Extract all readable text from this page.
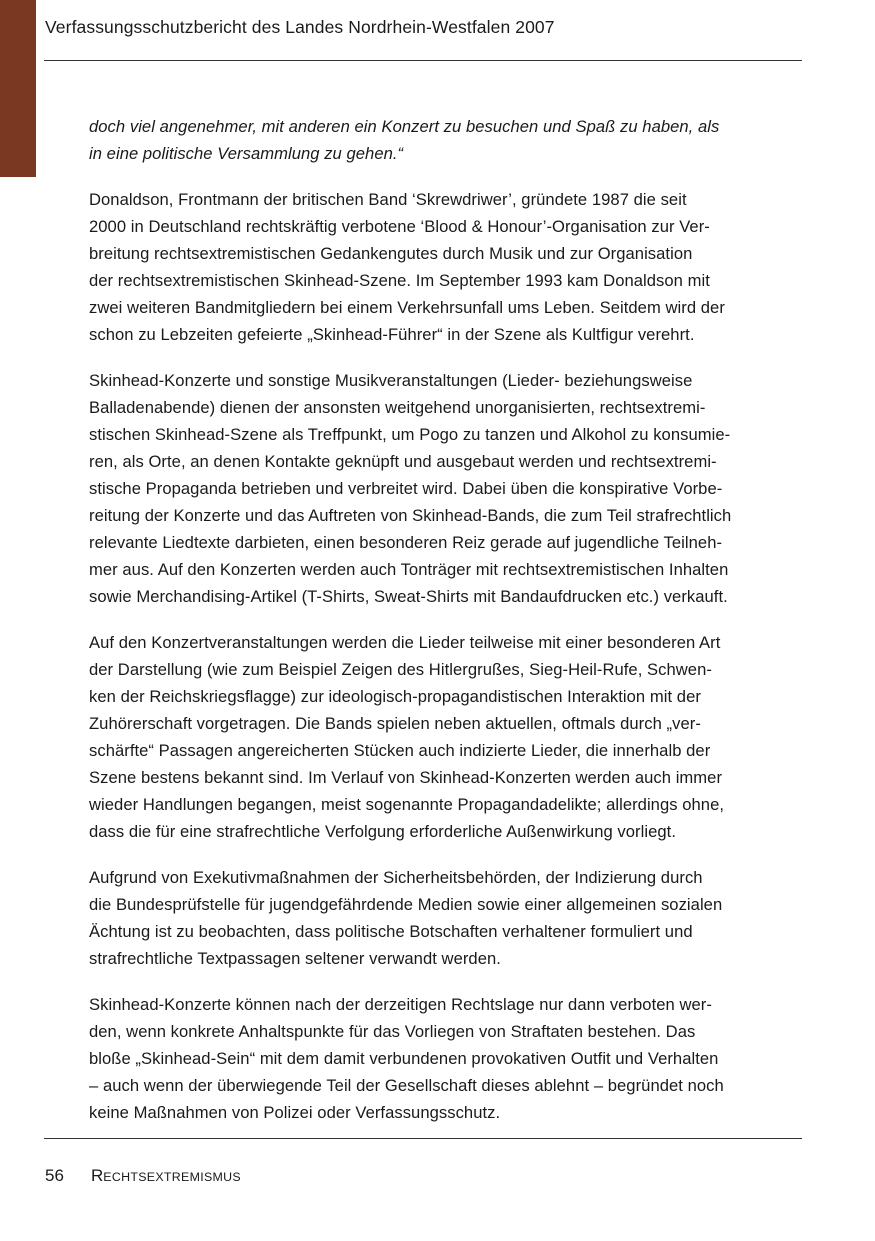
Verfassungsschutzbericht des Landes Nordrhein-Westfalen 2007

doch viel angenehmer, mit anderen ein Konzert zu besuchen und Spaß zu haben, als
in eine politische Versammlung zu gehen.“

Donaldson, Frontmann der britischen Band ‘Skrewdriwer’, gründete 1987 die seit
2000 in Deutschland rechtskräftig verbotene ‘Blood & Honour’-Organisation zur Ver-
breitung rechtsextremistischen Gedankengutes durch Musik und zur Organisation
der rechtsextremistischen Skinhead-Szene. Im September 1993 kam Donaldson mit
zwei weiteren Bandmitgliedern bei einem Verkehrsunfall ums Leben. Seitdem wird der
schon zu Lebzeiten gefeierte „Skinhead-Führer“ in der Szene als Kultfigur verehrt.

Skinhead-Konzerte und sonstige Musikveranstaltungen (Lieder- beziehungsweise
Balladenabende) dienen der ansonsten weitgehend unorganisierten, rechtsextremi-
stischen Skinhead-Szene als Treffpunkt, um Pogo zu tanzen und Alkohol zu konsumie-
ren, als Orte, an denen Kontakte geknüpft und ausgebaut werden und rechtsextremi-
stische Propaganda betrieben und verbreitet wird. Dabei üben die konspirative Vorbe-
reitung der Konzerte und das Auftreten von Skinhead-Bands, die zum Teil strafrechtlich
relevante Liedtexte darbieten, einen besonderen Reiz gerade auf jugendliche Teilneh-
mer aus. Auf den Konzerten werden auch Tonträger mit rechtsextremistischen Inhalten
sowie Merchandising-Artikel (T-Shirts, Sweat-Shirts mit Bandaufdrucken etc.) verkauft.

Auf den Konzertveranstaltungen werden die Lieder teilweise mit einer besonderen Art
der Darstellung (wie zum Beispiel Zeigen des Hitlergrußes, Sieg-Heil-Rufe, Schwen-
ken der Reichskriegsflagge) zur ideologisch-propagandistischen Interaktion mit der
Zuhörerschaft vorgetragen. Die Bands spielen neben aktuellen, oftmals durch „ver-
schärfte“ Passagen angereicherten Stücken auch indizierte Lieder, die innerhalb der
Szene bestens bekannt sind. Im Verlauf von Skinhead-Konzerten werden auch immer
wieder Handlungen begangen, meist sogenannte Propagandadelikte; allerdings ohne,
dass die für eine strafrechtliche Verfolgung erforderliche Außenwirkung vorliegt.

Aufgrund von Exekutivmaßnahmen der Sicherheitsbehörden, der Indizierung durch
die Bundesprüfstelle für jugendgefährdende Medien sowie einer allgemeinen sozialen
Ächtung ist zu beobachten, dass politische Botschaften verhaltener formuliert und
strafrechtliche Textpassagen seltener verwandt werden.

Skinhead-Konzerte können nach der derzeitigen Rechtslage nur dann verboten wer-
den, wenn konkrete Anhaltspunkte für das Vorliegen von Straftaten bestehen. Das
bloße „Skinhead-Sein“ mit dem damit verbundenen provokativen Outfit und Verhalten
– auch wenn der überwiegende Teil der Gesellschaft dieses ablehnt – begründet noch
keine Maßnahmen von Polizei oder Verfassungsschutz.

56 RECHTSEXTREMISMUS
